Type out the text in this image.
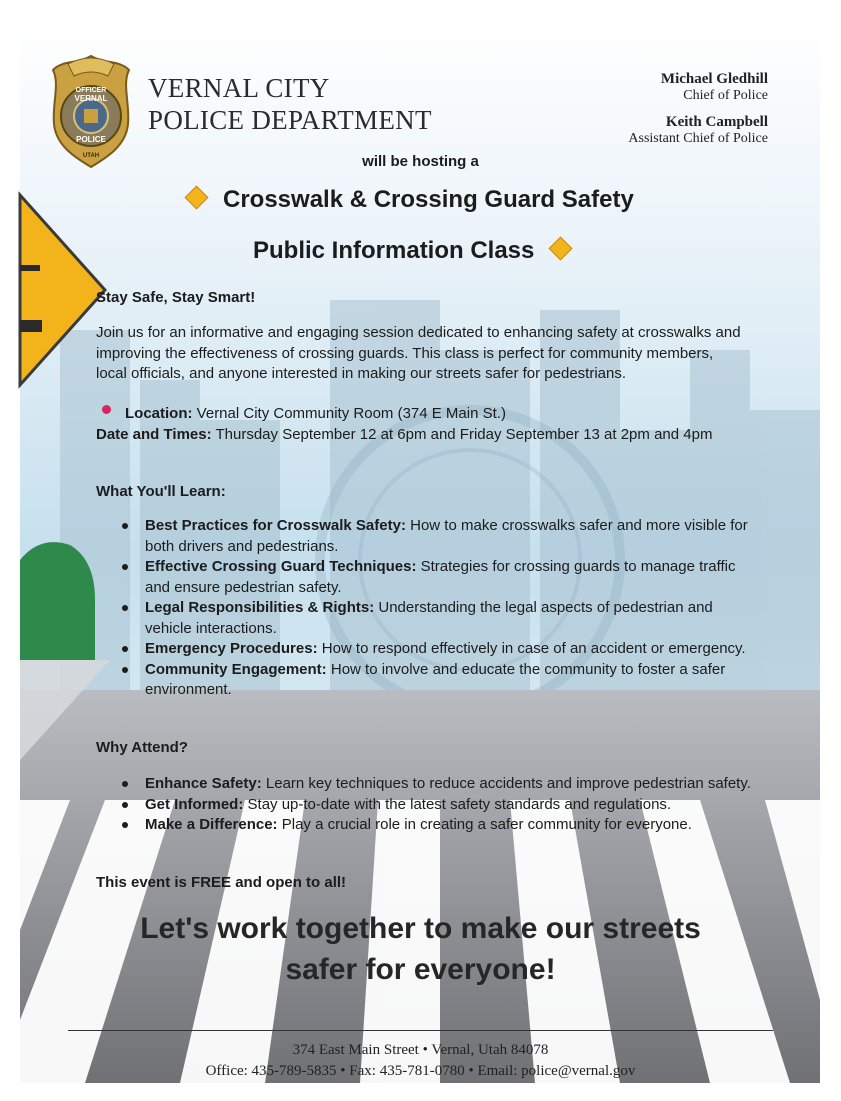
OFFICER
VERNAL
POLICE
UTAH
VERNAL CITY
POLICE DEPARTMENT
Michael Gledhill
Chief of Police
Keith Campbell
Assistant Chief of Police
will be hosting a
Crosswalk & Crossing Guard Safety
Public Information Class
Stay Safe, Stay Smart!
Join us for an informative and engaging session dedicated to enhancing safety at crosswalks and improving the effectiveness of crossing guards. This class is perfect for community members, local officials, and anyone interested in making our streets safer for pedestrians.
Location: Vernal City Community Room (374 E Main St.)
Date and Times: Thursday September 12 at 6pm and Friday September 13 at 2pm and 4pm
What You'll Learn:
Best Practices for Crosswalk Safety: How to make crosswalks safer and more visible for both drivers and pedestrians.
Effective Crossing Guard Techniques: Strategies for crossing guards to manage traffic and ensure pedestrian safety.
Legal Responsibilities & Rights: Understanding the legal aspects of pedestrian and vehicle interactions.
Emergency Procedures: How to respond effectively in case of an accident or emergency.
Community Engagement: How to involve and educate the community to foster a safer environment.
Why Attend?
Enhance Safety: Learn key techniques to reduce accidents and improve pedestrian safety.
Get Informed: Stay up-to-date with the latest safety standards and regulations.
Make a Difference: Play a crucial role in creating a safer community for everyone.
This event is FREE and open to all!
Let's work together to make our streets
safer for everyone!
374 East Main Street • Vernal, Utah 84078
Office: 435-789-5835 • Fax: 435-781-0780 • Email: police@vernal.gov
